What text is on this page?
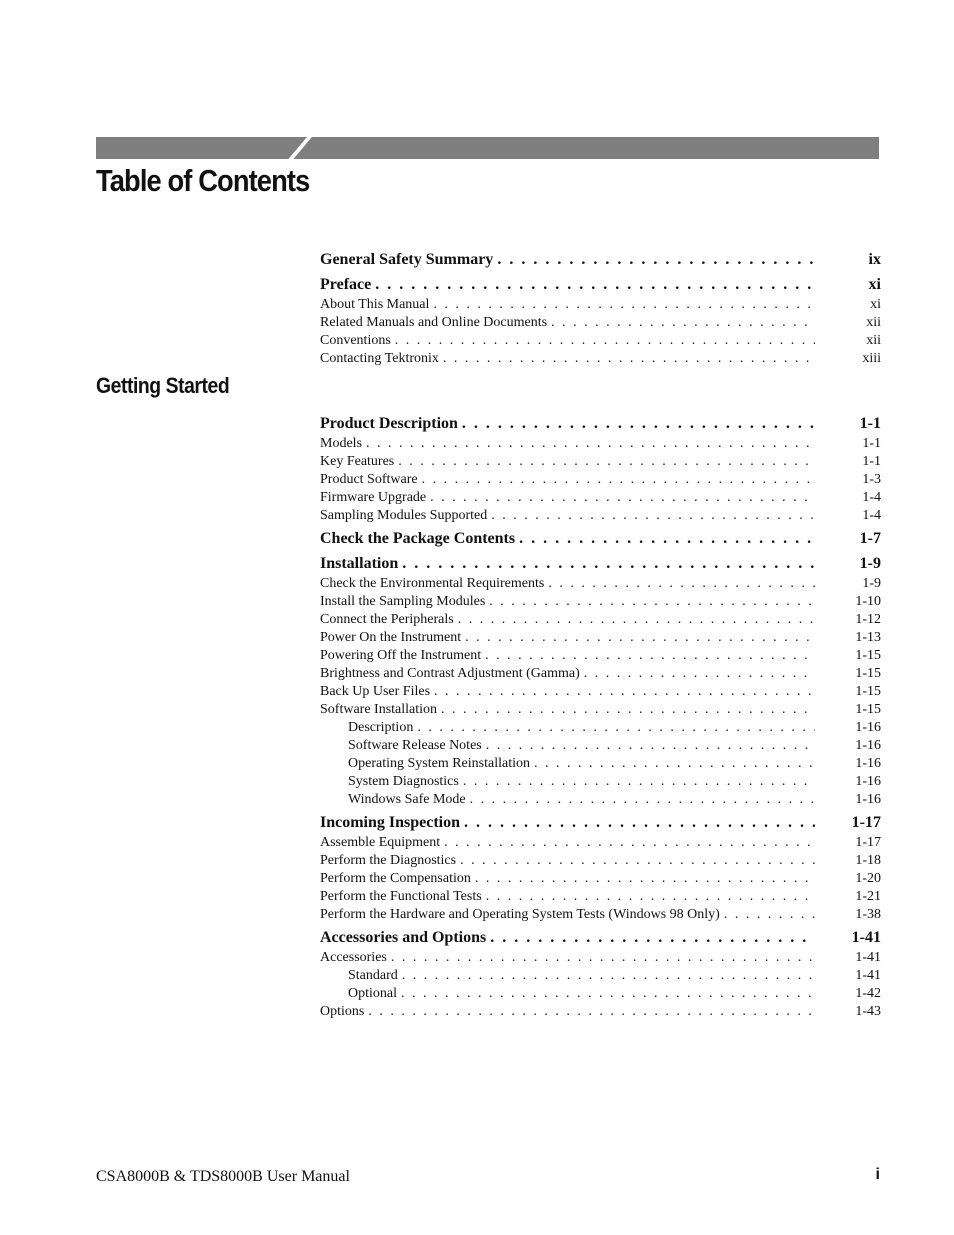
Table of Contents
General Safety Summary . . .	ix
Preface . . .	xi
About This Manual . . .	xi
Related Manuals and Online Documents . . .	xii
Conventions . . .	xii
Contacting Tektronix . . .	xiii
Getting Started
Product Description . . .	1-1
Models . . .	1-1
Key Features . . .	1-1
Product Software . . .	1-3
Firmware Upgrade . . .	1-4
Sampling Modules Supported . . .	1-4
Check the Package Contents . . .	1-7
Installation . . .	1-9
Check the Environmental Requirements . . .	1-9
Install the Sampling Modules . . .	1-10
Connect the Peripherals . . .	1-12
Power On the Instrument . . .	1-13
Powering Off the Instrument . . .	1-15
Brightness and Contrast Adjustment (Gamma) . . .	1-15
Back Up User Files . . .	1-15
Software Installation . . .	1-15
Description . . .	1-16
Software Release Notes . . .	1-16
Operating System Reinstallation . . .	1-16
System Diagnostics . . .	1-16
Windows Safe Mode . . .	1-16
Incoming Inspection . . .	1-17
Assemble Equipment . . .	1-17
Perform the Diagnostics . . .	1-18
Perform the Compensation . . .	1-20
Perform the Functional Tests . . .	1-21
Perform the Hardware and Operating System Tests (Windows 98 Only) . . .	1-38
Accessories and Options . . .	1-41
Accessories . . .	1-41
Standard . . .	1-41
Optional . . .	1-42
Options . . .	1-43
CSA8000B & TDS8000B User Manual	i
